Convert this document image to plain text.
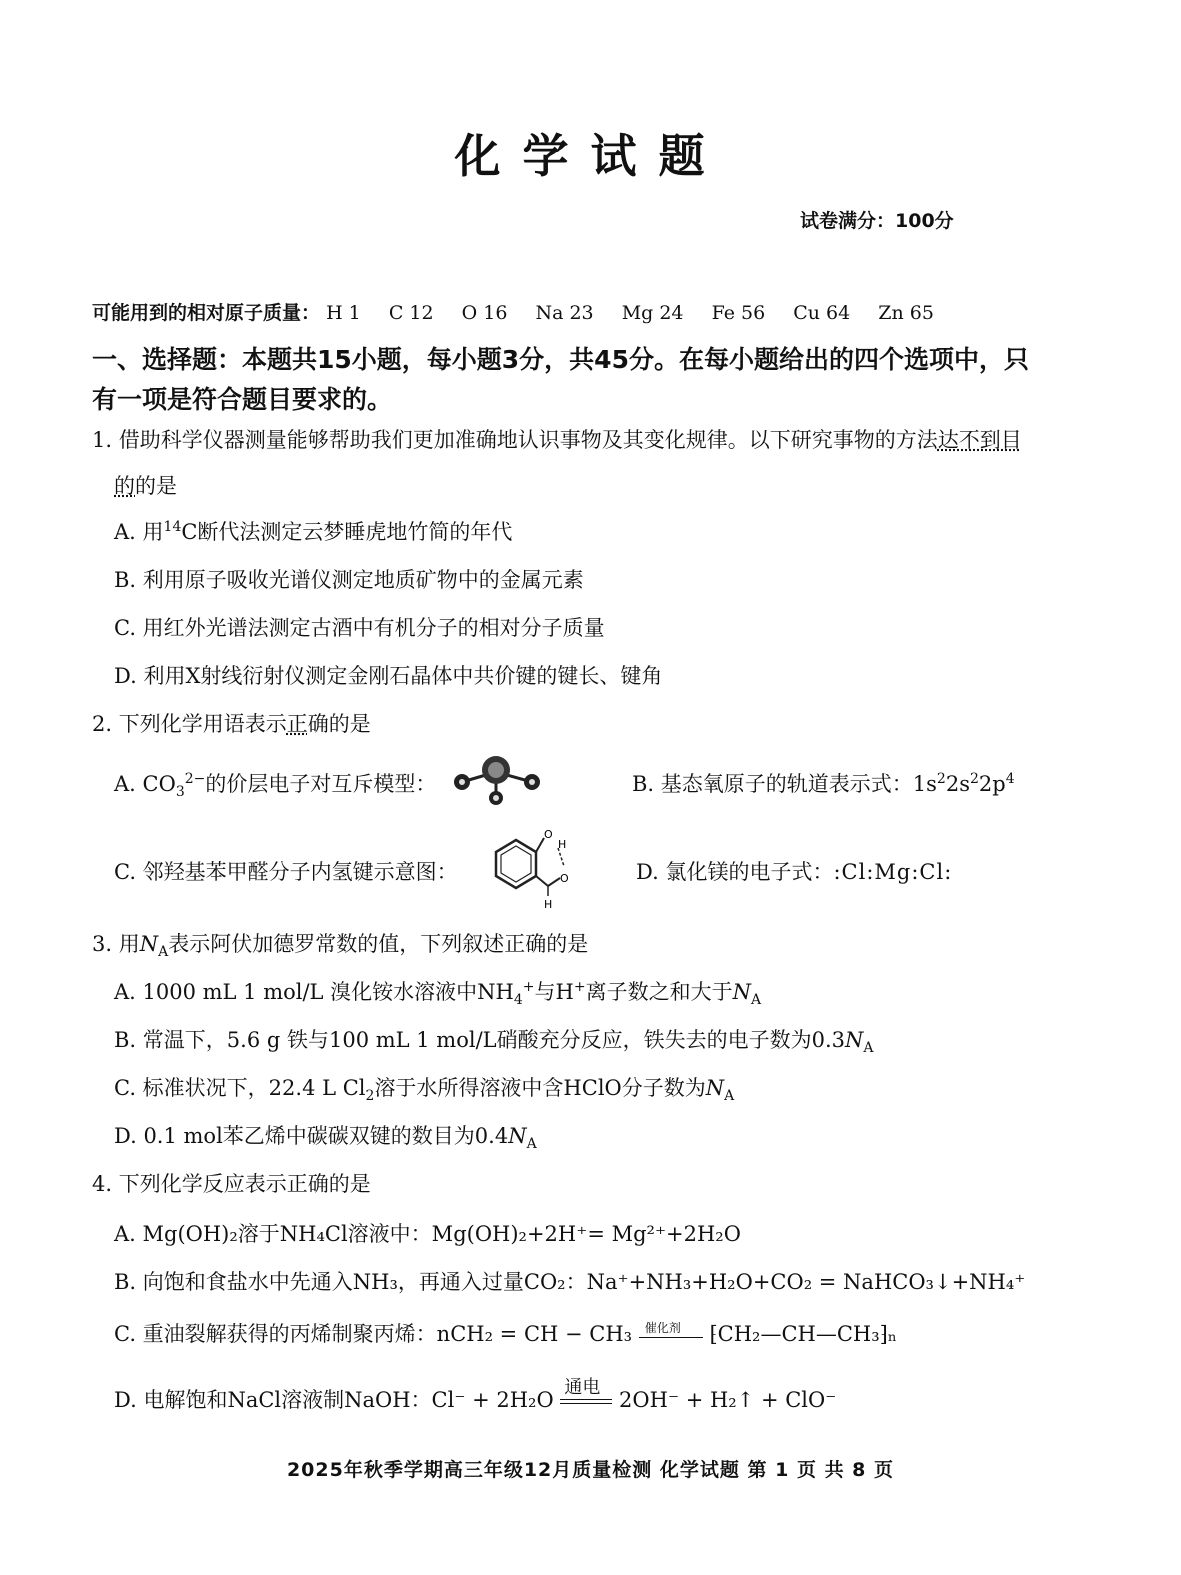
化学试题
试卷满分：100分
可能用到的相对原子质量： H 1 C 12 O 16 Na 23 Mg 24 Fe 56 Cu 64 Zn 65
一、选择题：本题共15小题，每小题3分，共45分。在每小题给出的四个选项中，只
有一项是符合题目要求的。
1. 借助科学仪器测量能够帮助我们更加准确地认识事物及其变化规律。以下研究事物的方法达不到目
的的是
A. 用$^{14}$C断代法测定云梦睡虎地竹简的年代
B. 利用原子吸收光谱仪测定地质矿物中的金属元素
C. 用红外光谱法测定古酒中有机分子的相对分子质量
D. 利用X射线衍射仪测定金刚石晶体中共价键的键长、键角
2. 下列化学用语表示正确的是
A. $CO_3^{2-}$的价层电子对互斥模型：	B. 基态氧原子的轨道表示式：$1s^22s^22p^4$
C. 邻羟基苯甲醛分子内氢键示意图：
O
O
H
H
D. 氯化镁的电子式：:Cl:Mg:Cl:
3. 用$N_A$表示阿伏加德罗常数的值，下列叙述正确的是
A. 1000 mL 1 mol/L 溴化铵水溶液中$NH_4^+$与H+离子数之和大于$N_A$
B. 常温下，5.6 g 铁与100 mL 1 mol/L硝酸充分反应，铁失去的电子数为$0.3N_A$
C. 标准状况下，22.4 L $Cl_2$溶于水所得溶液中含HClO分子数为$N_A$
D. 0.1 mol苯乙烯中碳碳双键的数目为$0.4N_A$
4. 下列化学反应表示正确的是
A. Mg(OH)₂溶于NH₄Cl溶液中：Mg(OH)₂+2H⁺= Mg²⁺+2H₂O
B. 向饱和食盐水中先通入NH₃，再通入过量CO₂：Na⁺+NH₃+H₂O+CO₂ = NaHCO₃↓+NH₄⁺
C. 重油裂解获得的丙烯制聚丙烯：nCH₂ = CH − CH₃ 催化剂 ⁅CH₂—CH—CH₃⁆ₙ
D. 电解饱和NaCl溶液制NaOH：Cl⁻ + 2H₂O
通电
2OH⁻ + H₂↑ + ClO⁻
2025年秋季学期高三年级12月质量检测 化学试题 第 1 页 共 8 页
